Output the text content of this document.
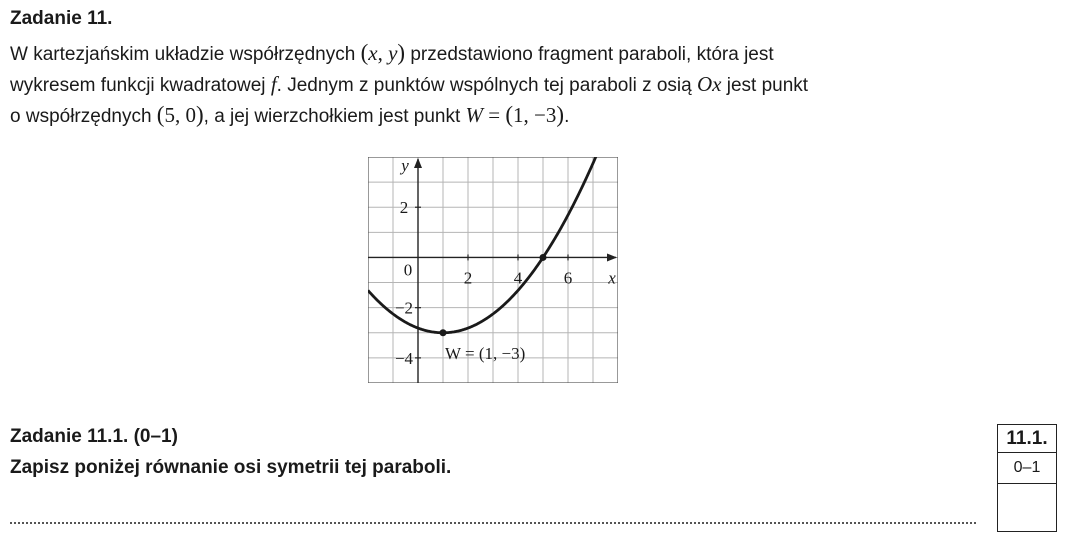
Zadanie 11.
W kartezjańskim układzie współrzędnych (x, y) przedstawiono fragment paraboli, która jest
wykresem funkcji kwadratowej f. Jednym z punktów wspólnych tej paraboli z osią Ox jest punkt
o współrzędnych (5, 0), a jej wierzchołkiem jest punkt W = (1, −3).
2 4 6
2
−2
−4
0	x
y
W = (1, −3)
Zadanie 11.1. (0–1)
Zapisz poniżej równanie osi symetrii tej paraboli.
11.1.
0–1
